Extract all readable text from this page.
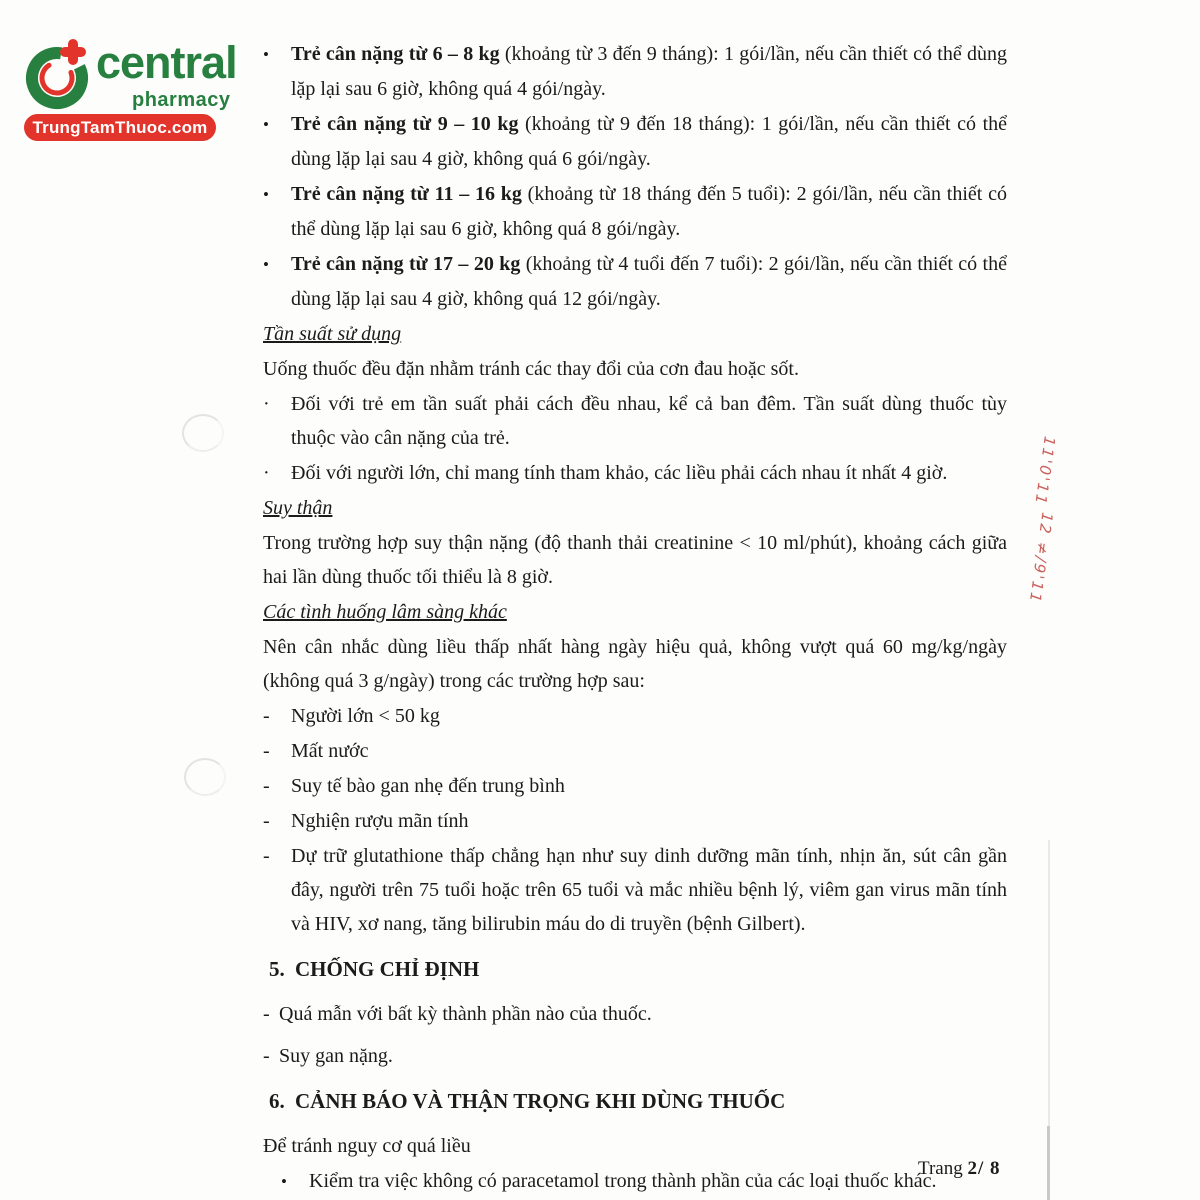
central
pharmacy
TrungTamThuoc.com
11'0'11
12 ≠/9'11

• Trẻ cân nặng từ 6 – 8 kg (khoảng từ 3 đến 9 tháng): 1 gói/lần, nếu cần thiết có thể dùng lặp lại sau 6 giờ, không quá 4 gói/ngày.

• Trẻ cân nặng từ 9 – 10 kg (khoảng từ 9 đến 18 tháng): 1 gói/lần, nếu cần thiết có thể dùng lặp lại sau 4 giờ, không quá 6 gói/ngày.

• Trẻ cân nặng từ 11 – 16 kg (khoảng từ 18 tháng đến 5 tuổi): 2 gói/lần, nếu cần thiết có thể dùng lặp lại sau 6 giờ, không quá 8 gói/ngày.

• Trẻ cân nặng từ 17 – 20 kg (khoảng từ 4 tuổi đến 7 tuổi): 2 gói/lần, nếu cần thiết có thể dùng lặp lại sau 4 giờ, không quá 12 gói/ngày.

Tần suất sử dụng

Uống thuốc đều đặn nhằm tránh các thay đổi của cơn đau hoặc sốt.

· Đối với trẻ em tần suất phải cách đều nhau, kể cả ban đêm. Tần suất dùng thuốc tùy thuộc vào cân nặng của trẻ.

· Đối với người lớn, chỉ mang tính tham khảo, các liều phải cách nhau ít nhất 4 giờ.

Suy thận

Trong trường hợp suy thận nặng (độ thanh thải creatinine < 10 ml/phút), khoảng cách giữa hai lần dùng thuốc tối thiểu là 8 giờ.

Các tình huống lâm sàng khác

Nên cân nhắc dùng liều thấp nhất hàng ngày hiệu quả, không vượt quá 60 mg/kg/ngày (không quá 3 g/ngày) trong các trường hợp sau:

- Người lớn < 50 kg

- Mất nước

- Suy tế bào gan nhẹ đến trung bình

- Nghiện rượu mãn tính

- Dự trữ glutathione thấp chẳng hạn như suy dinh dưỡng mãn tính, nhịn ăn, sút cân gần đây, người trên 75 tuổi hoặc trên 65 tuổi và mắc nhiều bệnh lý, viêm gan virus mãn tính và HIV, xơ nang, tăng bilirubin máu do di truyền (bệnh Gilbert).

5. CHỐNG CHỈ ĐỊNH

- Quá mẫn với bất kỳ thành phần nào của thuốc.

- Suy gan nặng.

6. CẢNH BÁO VÀ THẬN TRỌNG KHI DÙNG THUỐC

Để tránh nguy cơ quá liều

• Kiểm tra việc không có paracetamol trong thành phần của các loại thuốc khác.

Trang 2/ 8
